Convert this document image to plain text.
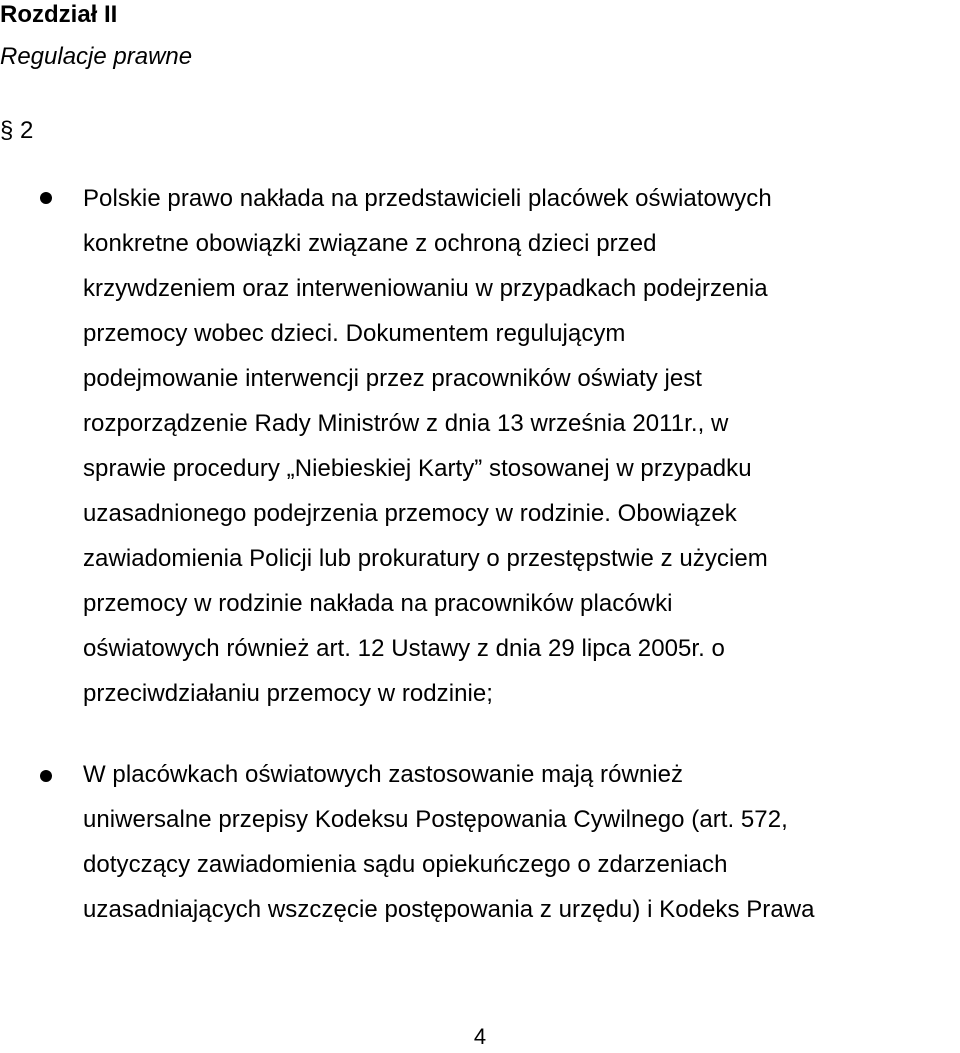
Rozdział II
Regulacje prawne
§ 2
Polskie prawo nakłada na przedstawicieli placówek oświatowych
konkretne obowiązki związane z ochroną dzieci przed
krzywdzeniem oraz interweniowaniu w przypadkach podejrzenia
przemocy wobec dzieci. Dokumentem regulującym
podejmowanie interwencji przez pracowników oświaty jest
rozporządzenie Rady Ministrów z dnia 13 września 2011r., w
sprawie procedury „Niebieskiej Karty” stosowanej w przypadku
uzasadnionego podejrzenia przemocy w rodzinie. Obowiązek
zawiadomienia Policji lub prokuratury o przestępstwie z użyciem
przemocy w rodzinie nakłada na pracowników placówki
oświatowych również art. 12 Ustawy z dnia 29 lipca 2005r. o
przeciwdziałaniu przemocy w rodzinie;
W placówkach oświatowych zastosowanie mają również
uniwersalne przepisy Kodeksu Postępowania Cywilnego (art. 572,
dotyczący zawiadomienia sądu opiekuńczego o zdarzeniach
uzasadniających wszczęcie postępowania z urzędu) i Kodeks Prawa
4
